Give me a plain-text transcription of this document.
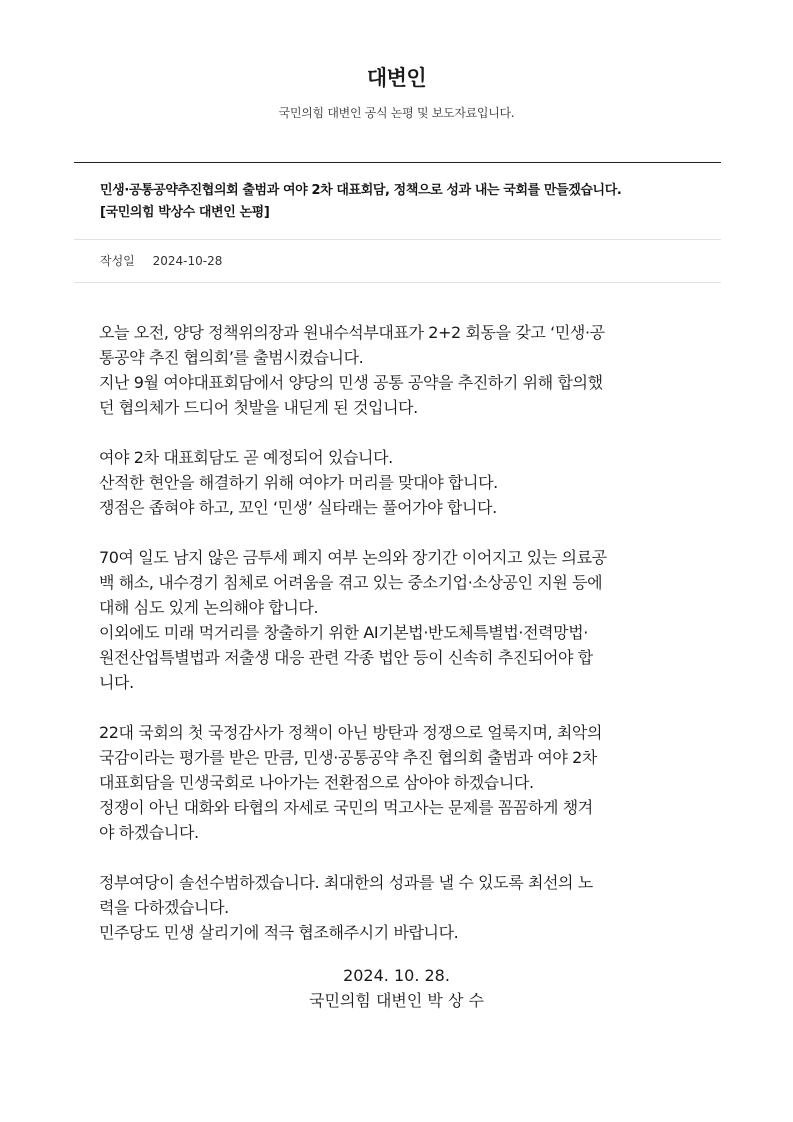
대변인
국민의힘 대변인 공식 논평 및 보도자료입니다.
민생·공통공약추진협의회 출범과 여야 2차 대표회담, 정책으로 성과 내는 국회를 만들겠습니다.
[국민의힘 박상수 대변인 논평]
작성일 2024-10-28
오늘 오전, 양당 정책위의장과 원내수석부대표가 2+2 회동을 갖고 ‘민생·공
통공약 추진 협의회’를 출범시켰습니다.
지난 9월 여야대표회담에서 양당의 민생 공통 공약을 추진하기 위해 합의했
던 협의체가 드디어 첫발을 내딛게 된 것입니다.
여야 2차 대표회담도 곧 예정되어 있습니다.
산적한 현안을 해결하기 위해 여야가 머리를 맞대야 합니다.
쟁점은 좁혀야 하고, 꼬인 ‘민생’ 실타래는 풀어가야 합니다.
70여 일도 남지 않은 금투세 폐지 여부 논의와 장기간 이어지고 있는 의료공
백 해소, 내수경기 침체로 어려움을 겪고 있는 중소기업·소상공인 지원 등에
대해 심도 있게 논의해야 합니다.
이외에도 미래 먹거리를 창출하기 위한 AI기본법·반도체특별법·전력망법·
원전산업특별법과 저출생 대응 관련 각종 법안 등이 신속히 추진되어야 합
니다.
22대 국회의 첫 국정감사가 정책이 아닌 방탄과 정쟁으로 얼룩지며, 최악의
국감이라는 평가를 받은 만큼, 민생·공통공약 추진 협의회 출범과 여야 2차
대표회담을 민생국회로 나아가는 전환점으로 삼아야 하겠습니다.
정쟁이 아닌 대화와 타협의 자세로 국민의 먹고사는 문제를 꼼꼼하게 챙겨
야 하겠습니다.
정부여당이 솔선수범하겠습니다. 최대한의 성과를 낼 수 있도록 최선의 노
력을 다하겠습니다.
민주당도 민생 살리기에 적극 협조해주시기 바랍니다.
2024. 10. 28.
국민의힘 대변인 박 상 수
